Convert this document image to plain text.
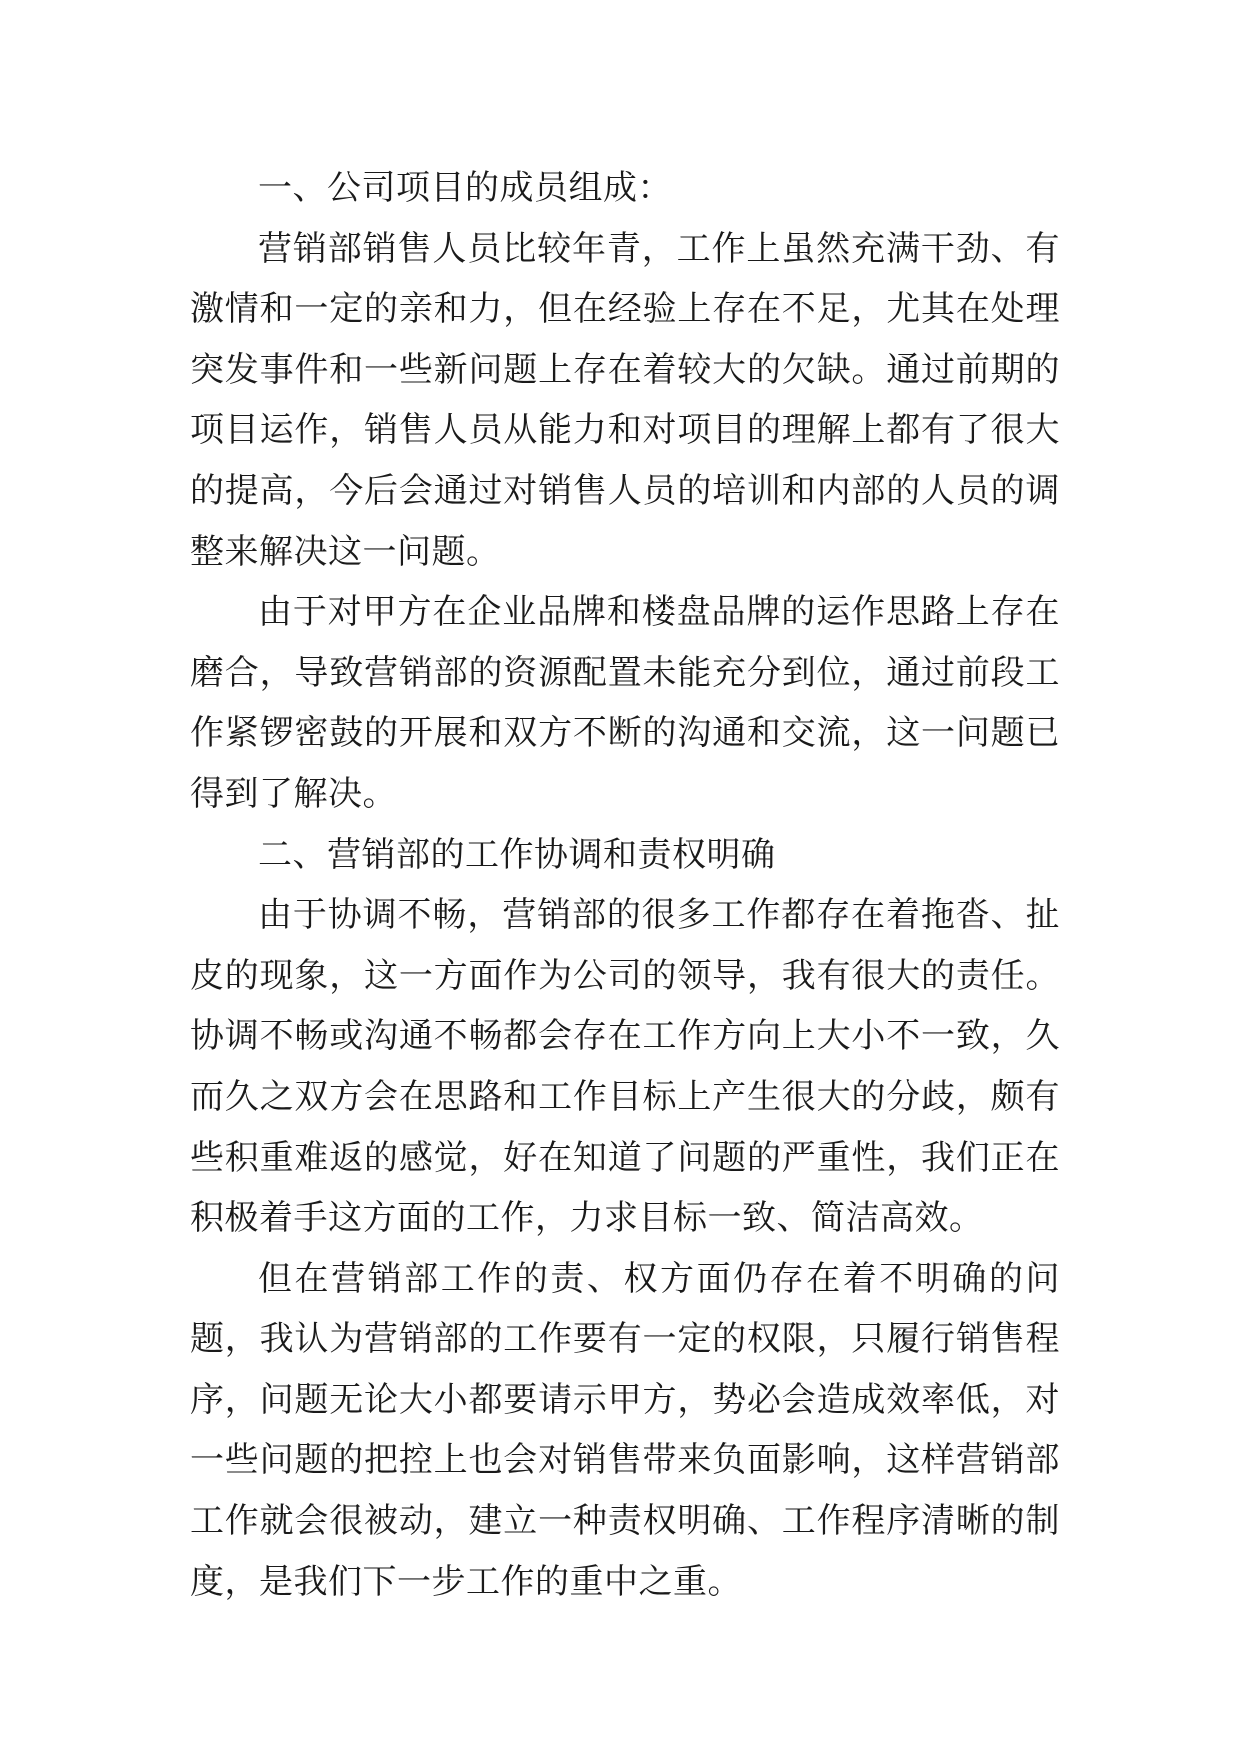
一、公司项目的成员组成：

营销部销售人员比较年青，工作上虽然充满干劲、有激情和一定的亲和力，但在经验上存在不足，尤其在处理突发事件和一些新问题上存在着较大的欠缺。通过前期的项目运作，销售人员从能力和对项目的理解上都有了很大的提高，今后会通过对销售人员的培训和内部的人员的调整来解决这一问题。

由于对甲方在企业品牌和楼盘品牌的运作思路上存在磨合，导致营销部的资源配置未能充分到位，通过前段工作紧锣密鼓的开展和双方不断的沟通和交流，这一问题已得到了解决。

二、营销部的工作协调和责权明确

由于协调不畅，营销部的很多工作都存在着拖沓、扯皮的现象，这一方面作为公司的领导，我有很大的责任。协调不畅或沟通不畅都会存在工作方向上大小不一致，久而久之双方会在思路和工作目标上产生很大的分歧，颇有些积重难返的感觉，好在知道了问题的严重性，我们正在积极着手这方面的工作，力求目标一致、简洁高效。

但在营销部工作的责、权方面仍存在着不明确的问题，我认为营销部的工作要有一定的权限，只履行销售程序，问题无论大小都要请示甲方，势必会造成效率低，对一些问题的把控上也会对销售带来负面影响，这样营销部工作就会很被动，建立一种责权明确、工作程序清晰的制度，是我们下一步工作的重中之重。
